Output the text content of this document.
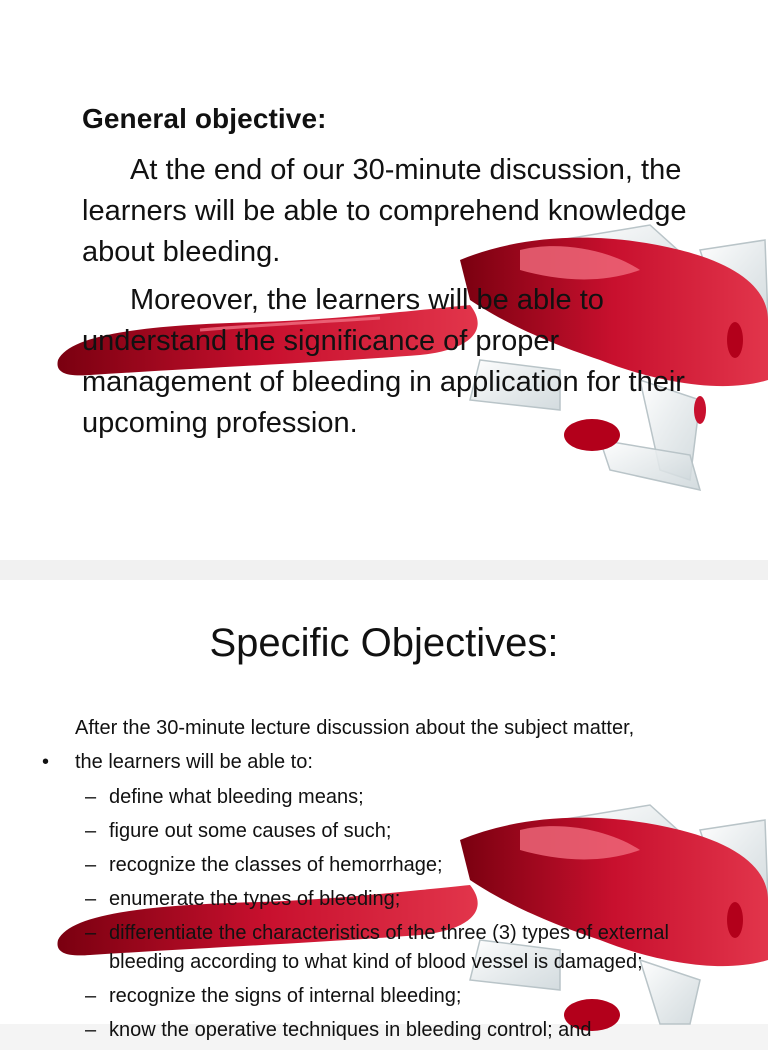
General objective:

At the end of our 30-minute discussion, the learners will be able to comprehend knowledge about bleeding.

Moreover, the learners will be able to understand the significance of proper management of bleeding in application for their upcoming profession.

Specific Objectives:
After the 30-minute lecture discussion about the subject matter,
• the learners will be able to:
– define what bleeding means;
– figure out some causes of such;
– recognize the classes of hemorrhage;
– enumerate the types of bleeding;
– differentiate the characteristics of the three (3) types of external bleeding according to what kind of blood vessel is damaged;
– recognize the signs of internal bleeding;
– know the operative techniques in bleeding control; and
